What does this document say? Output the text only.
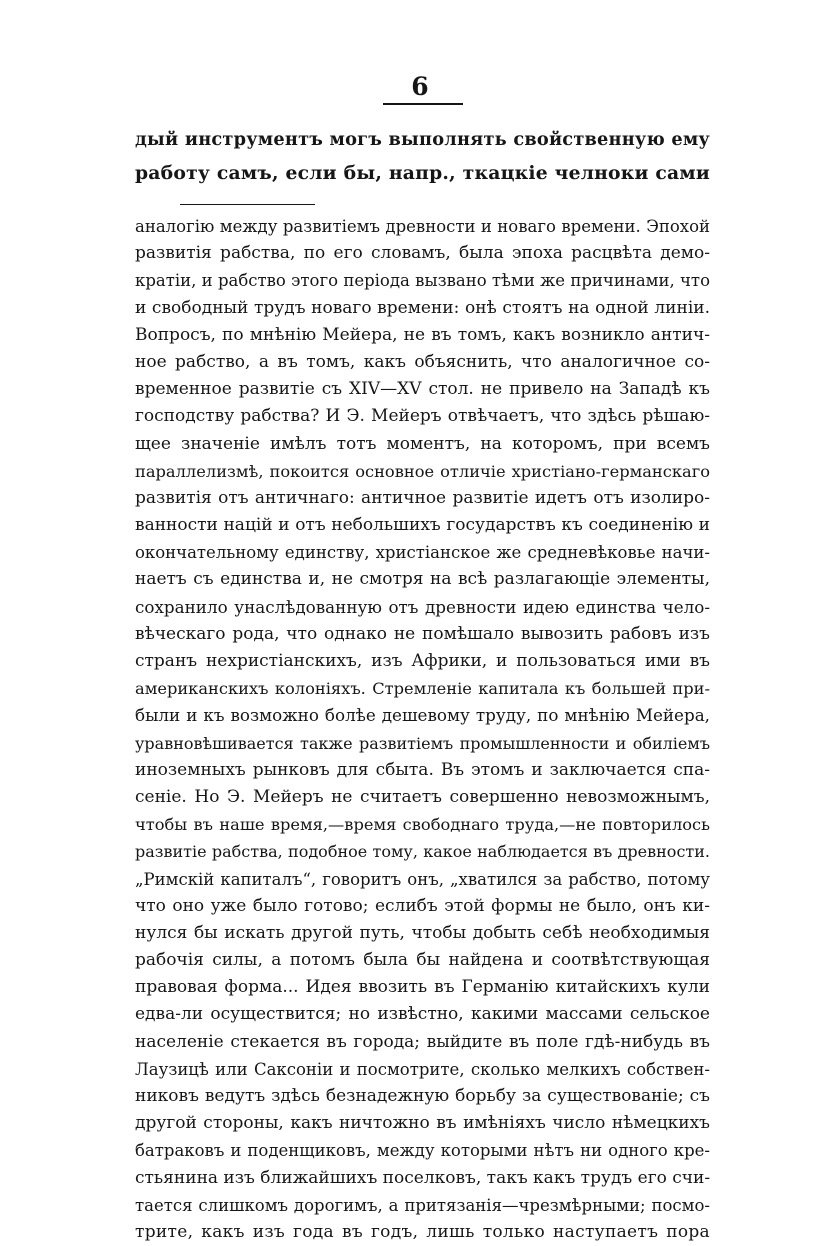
6
дый инструментъ могъ выполнять свойственную ему
работу самъ, если бы, напр., ткацкіе челноки сами
аналогію между развитіемъ древности и новаго времени. Эпохой
развитія рабства, по его словамъ, была эпоха расцвѣта демо-
кратіи, и рабство этого періода вызвано тѣми же причинами, что
и свободный трудъ новаго времени: онѣ стоятъ на одной линіи.
Вопросъ, по мнѣнію Мейера, не въ томъ, какъ возникло антич-
ное рабство, а въ томъ, какъ объяснить, что аналогичное со-
временное развитіе съ XIV—XV стол. не привело на Западѣ къ
господству рабства? И Э. Мейеръ отвѣчаетъ, что здѣсь рѣшаю-
щее значеніе имѣлъ тотъ моментъ, на которомъ, при всемъ
параллелизмѣ, покоится основное отличіе христіано-германскаго
развитія отъ античнаго: античное развитіе идетъ отъ изолиро-
ванности націй и отъ небольшихъ государствъ къ соединенію и
окончательному единству, христіанское же средневѣковье начи-
наетъ съ единства и, не смотря на всѣ разлагающіе элементы,
сохранило унаслѣдованную отъ древности идею единства чело-
вѣческаго рода, что однако не помѣшало вывозить рабовъ изъ
странъ нехристіанскихъ, изъ Африки, и пользоваться ими въ
американскихъ колоніяхъ. Стремленіе капитала къ большей при-
были и къ возможно болѣе дешевому труду, по мнѣнію Мейера,
уравновѣшивается также развитіемъ промышленности и обиліемъ
иноземныхъ рынковъ для сбыта. Въ этомъ и заключается спа-
сеніе. Но Э. Мейеръ не считаетъ совершенно невозможнымъ,
чтобы въ наше время,—время свободнаго труда,—не повторилось
развитіе рабства, подобное тому, какое наблюдается въ древности.
„Римскій капиталъ“, говоритъ онъ, „хватился за рабство, потому
что оно уже было готово; еслибъ этой формы не было, онъ ки-
нулся бы искать другой путь, чтобы добыть себѣ необходимыя
рабочія силы, а потомъ была бы найдена и соотвѣтствующая
правовая форма... Идея ввозить въ Германію китайскихъ кули
едва-ли осуществится; но извѣстно, какими массами сельское
населеніе стекается въ города; выйдите въ поле гдѣ-нибудь въ
Лаузицѣ или Саксоніи и посмотрите, сколько мелкихъ собствен-
никовъ ведутъ здѣсь безнадежную борьбу за существованіе; съ
другой стороны, какъ ничтожно въ имѣніяхъ число нѣмецкихъ
батраковъ и поденщиковъ, между которыми нѣтъ ни одного кре-
стьянина изъ ближайшихъ поселковъ, такъ какъ трудъ его счи-
тается слишкомъ дорогимъ, а притязанія—чрезмѣрными; посмо-
трите, какъ изъ года въ годъ, лишь только наступаетъ пора
